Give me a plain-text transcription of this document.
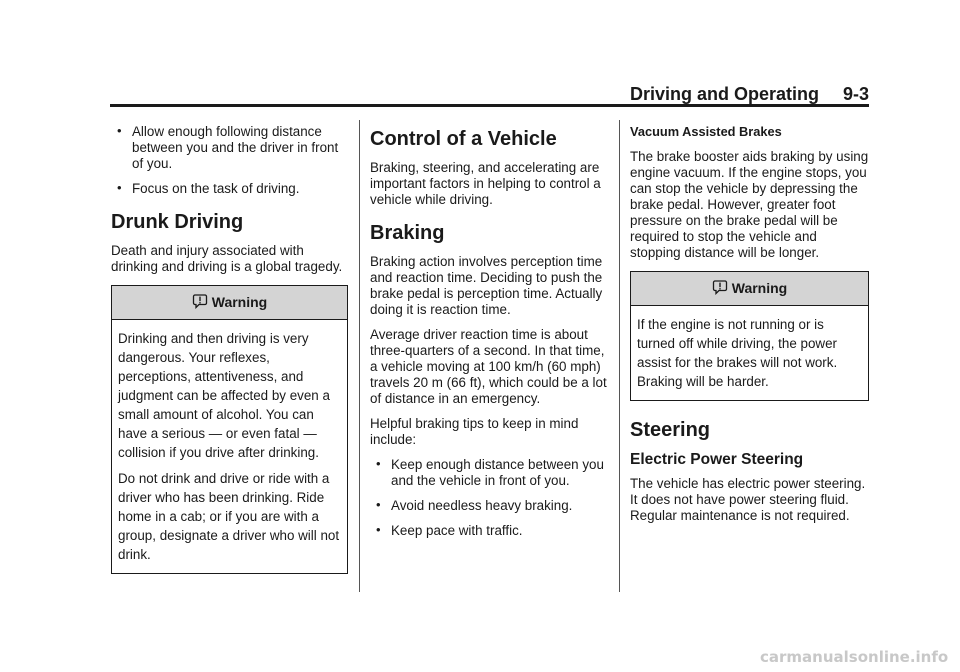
Driving and Operating 9-3
• Allow enough following distance between you and the driver in front of you.
• Focus on the task of driving.
Drunk Driving

Death and injury associated with drinking and driving is a global tragedy.

Warning

Drinking and then driving is very dangerous. Your reflexes, perceptions, attentiveness, and judgment can be affected by even a small amount of alcohol. You can have a serious — or even fatal — collision if you drive after drinking.

Do not drink and drive or ride with a driver who has been drinking. Ride home in a cab; or if you are with a group, designate a driver who will not drink.

Control of a Vehicle

Braking, steering, and accelerating are important factors in helping to control a vehicle while driving.

Braking

Braking action involves perception time and reaction time. Deciding to push the brake pedal is perception time. Actually doing it is reaction time.

Average driver reaction time is about three-quarters of a second. In that time, a vehicle moving at 100 km/h (60 mph) travels 20 m (66 ft), which could be a lot of distance in an emergency.

Helpful braking tips to keep in mind include:

• Keep enough distance between you and the vehicle in front of you.
• Avoid needless heavy braking.
• Keep pace with traffic.
Vacuum Assisted Brakes

The brake booster aids braking by using engine vacuum. If the engine stops, you can stop the vehicle by depressing the brake pedal. However, greater foot pressure on the brake pedal will be required to stop the vehicle and stopping distance will be longer.

Warning

If the engine is not running or is turned off while driving, the power assist for the brakes will not work. Braking will be harder.

Steering
Electric Power Steering

The vehicle has electric power steering. It does not have power steering fluid. Regular maintenance is not required.

carmanualsonline.info
